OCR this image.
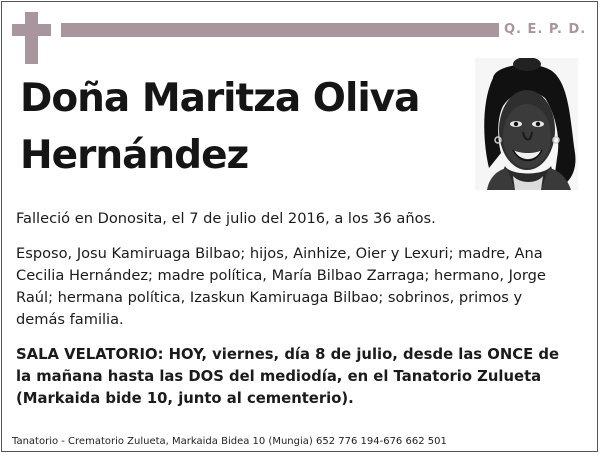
Q. E. P. D.
Doña Maritza Oliva
Hernández
Falleció en Donosita, el 7 de julio del 2016, a los 36 años.
Esposo, Josu Kamiruaga Bilbao; hijos, Ainhize, Oier y Lexuri; madre, Ana Cecilia Hernández; madre política, María Bilbao Zarraga; hermano, Jorge Raúl; hermana política, Izaskun Kamiruaga Bilbao; sobrinos, primos y demás familia.
SALA VELATORIO: HOY, viernes, día 8 de julio, desde las ONCE de la mañana hasta las DOS del mediodía, en el Tanatorio Zulueta (Markaida bide 10, junto al cementerio).
Tanatorio - Crematorio Zulueta, Markaida Bidea 10 (Mungia) 652 776 194-676 662 501
